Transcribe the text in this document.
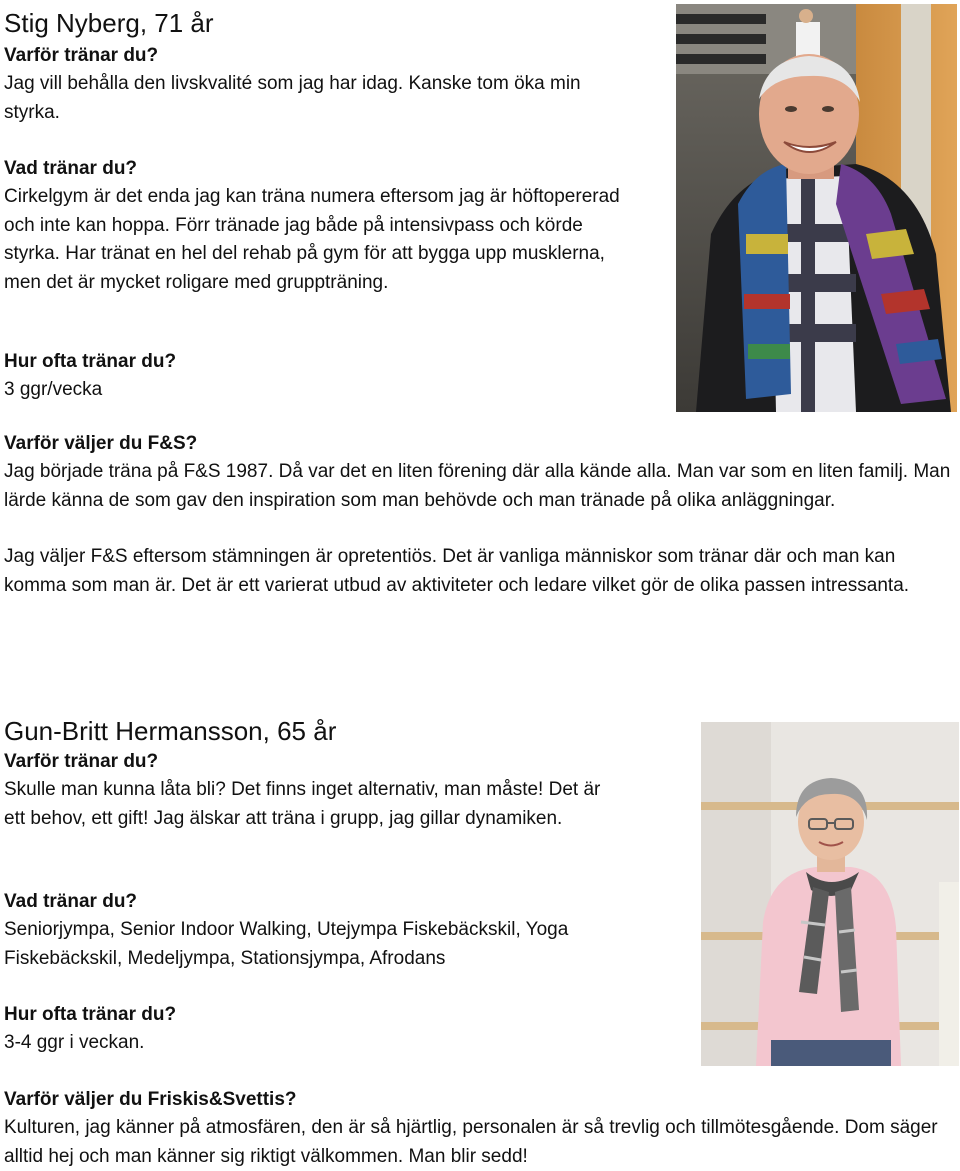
Stig Nyberg, 71 år
Varför tränar du?
Jag vill behålla den livskvalité som jag har idag. Kanske tom öka min styrka.
Vad tränar du?
Cirkelgym är det enda jag kan träna numera eftersom jag är höftopererad och inte kan hoppa. Förr tränade jag både på intensivpass och körde styrka. Har tränat en hel del rehab på gym för att bygga upp musklerna, men det är mycket roligare med gruppträning.
Hur ofta tränar du?
3 ggr/vecka
Varför väljer du F&S?
Jag började träna på F&S 1987. Då var det en liten förening där alla kände alla. Man var som en liten familj. Man lärde känna de som gav den inspiration som man behövde och man tränade på olika anläggningar.
Jag väljer F&S eftersom stämningen är opretentiös. Det är vanliga människor som tränar där och man kan komma som man är. Det är ett varierat utbud av aktiviteter och ledare vilket gör de olika passen intressanta.
Gun-Britt Hermansson, 65 år
Varför tränar du?
Skulle man kunna låta bli? Det finns inget alternativ, man måste! Det är ett behov, ett gift! Jag älskar att träna i grupp, jag gillar dynamiken.
Vad tränar du?
Seniorjympa, Senior Indoor Walking, Utejympa Fiskebäckskil, Yoga Fiskebäckskil, Medeljympa, Stationsjympa, Afrodans
Hur ofta tränar du?
3-4 ggr i veckan.
Varför väljer du Friskis&Svettis?
Kulturen, jag känner på atmosfären, den är så hjärtlig, personalen är så trevlig och tillmötesgående. Dom säger alltid hej och man känner sig riktigt välkommen. Man blir sedd!
